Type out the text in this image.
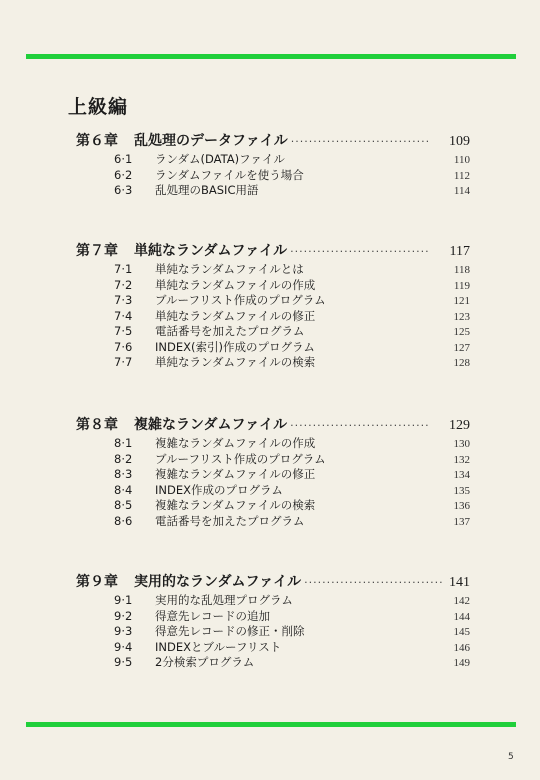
上級編
第６章	乱処理のデータファイル ·······························	109
6·1	ランダム(DATA)ファイル	110
6·2	ランダムファイルを使う場合	112
6·3	乱処理のBASIC用語	114
第７章	単純なランダムファイル ·······························	117
7·1	単純なランダムファイルとは	118
7·2	単純なランダムファイルの作成	119
7·3	ブルーフリスト作成のプログラム	121
7·4	単純なランダムファイルの修正	123
7·5	電話番号を加えたプログラム	125
7·6	INDEX(索引)作成のプログラム	127
7·7	単純なランダムファイルの検索	128
第８章	複雑なランダムファイル ·······························	129
8·1	複雑なランダムファイルの作成	130
8·2	ブルーフリスト作成のプログラム	132
8·3	複雑なランダムファイルの修正	134
8·4	INDEX作成のプログラム	135
8·5	複雑なランダムファイルの検索	136
8·6	電話番号を加えたプログラム	137
第９章	実用的なランダムファイル ······························· 141
9·1	実用的な乱処理プログラム	142
9·2	得意先レコードの追加	144
9·3	得意先レコードの修正・削除	145
9·4	INDEXとブルーフリスト	146
9·5	2分検索プログラム	149
5
